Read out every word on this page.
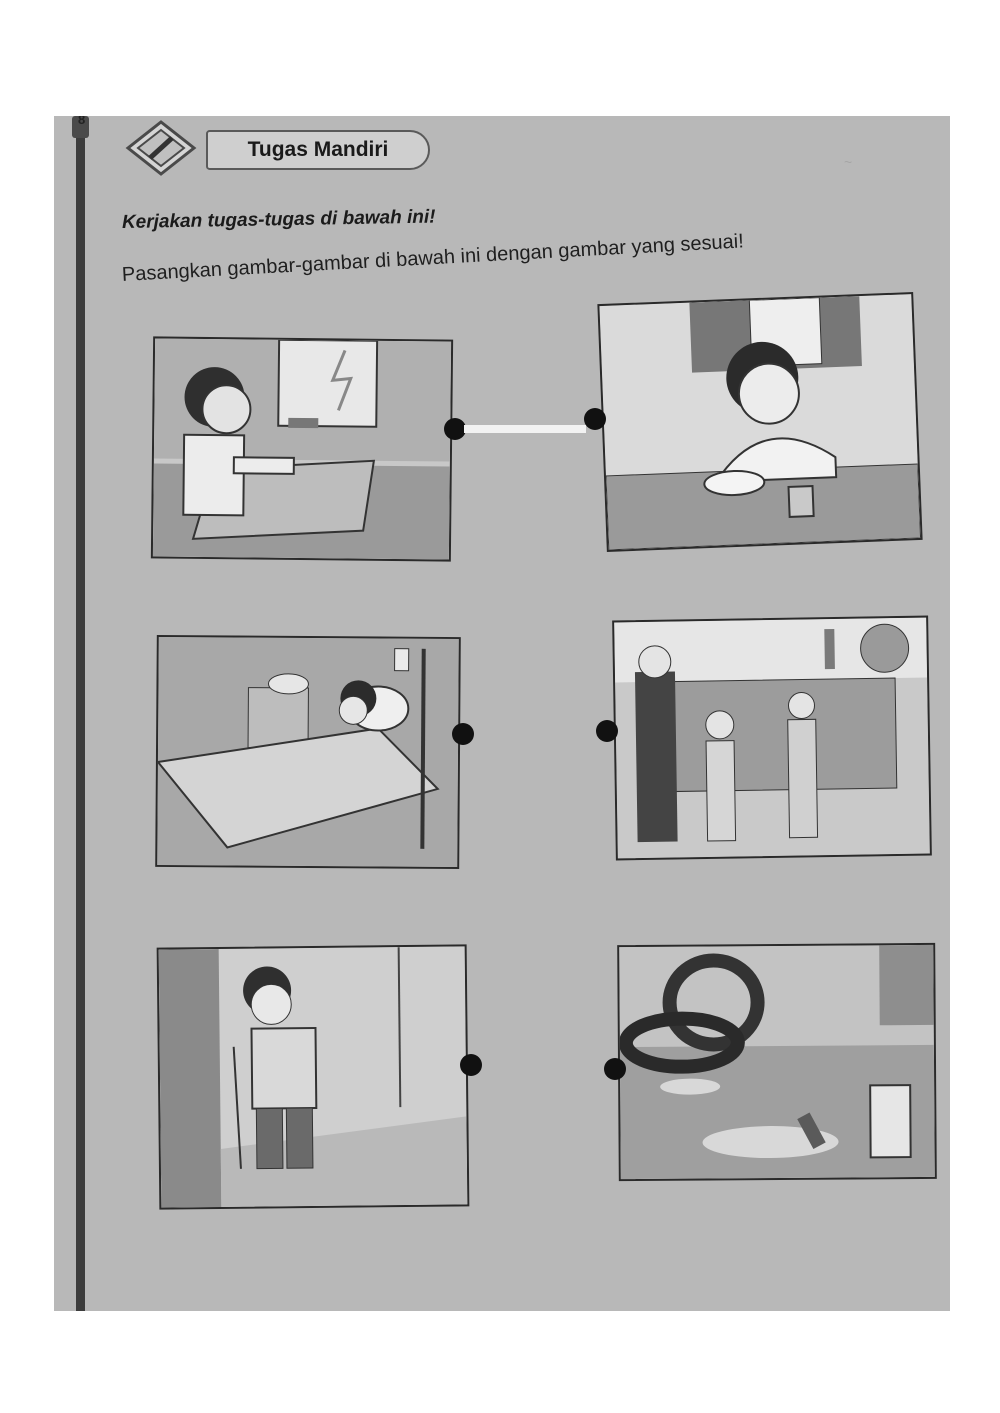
8
Tugas Mandiri
Kerjakan tugas-tugas di bawah ini!
Pasangkan gambar-gambar di bawah ini dengan gambar yang sesuai!
~
